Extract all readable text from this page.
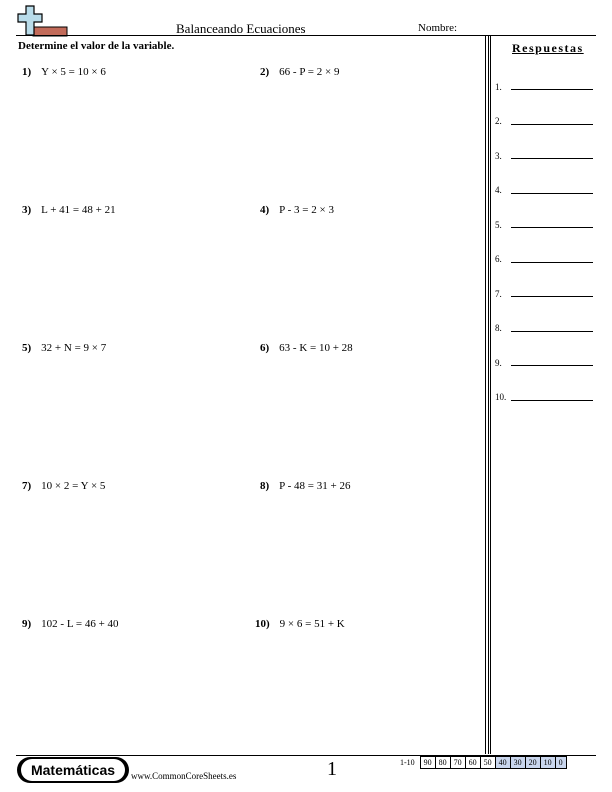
Balanceando Ecuaciones	Nombre:
Determine el valor de la variable.
1) Y × 5 = 10 × 6	2) 66 - P = 2 × 9
3) L + 41 = 48 + 21	4) P - 3 = 2 × 3
5) 32 + N = 9 × 7	6) 63 - K = 10 + 28
7) 10 × 2 = Y × 5	8) P - 48 = 31 + 26
9) 102 - L = 46 + 40	10) 9 × 6 = 51 + K
Respuestas
1.
2.
3.
4.
5.
6.
7.
8.
9.
10.
Matemáticas	www.CommonCoreSheets.es	1	1-10	90	80	70	60	50	40	30	20	10	0
